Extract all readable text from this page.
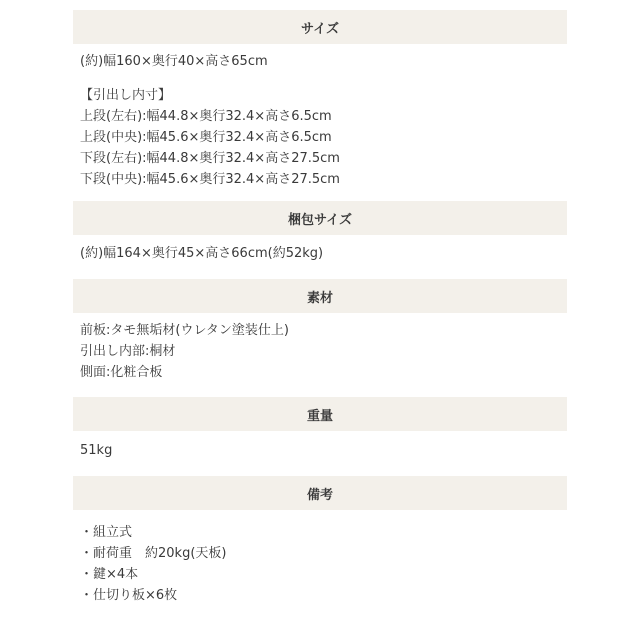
サイズ
(約)幅160×奥行40×高さ65cm
【引出し内寸】
上段(左右):幅44.8×奥行32.4×高さ6.5cm
上段(中央):幅45.6×奥行32.4×高さ6.5cm
下段(左右):幅44.8×奥行32.4×高さ27.5cm
下段(中央):幅45.6×奥行32.4×高さ27.5cm
梱包サイズ
(約)幅164×奥行45×高さ66cm(約52kg)
素材
前板:タモ無垢材(ウレタン塗装仕上)
引出し内部:桐材
側面:化粧合板
重量
51kg
備考
・組立式
・耐荷重　約20kg(天板)
・鍵×4本
・仕切り板×6枚
